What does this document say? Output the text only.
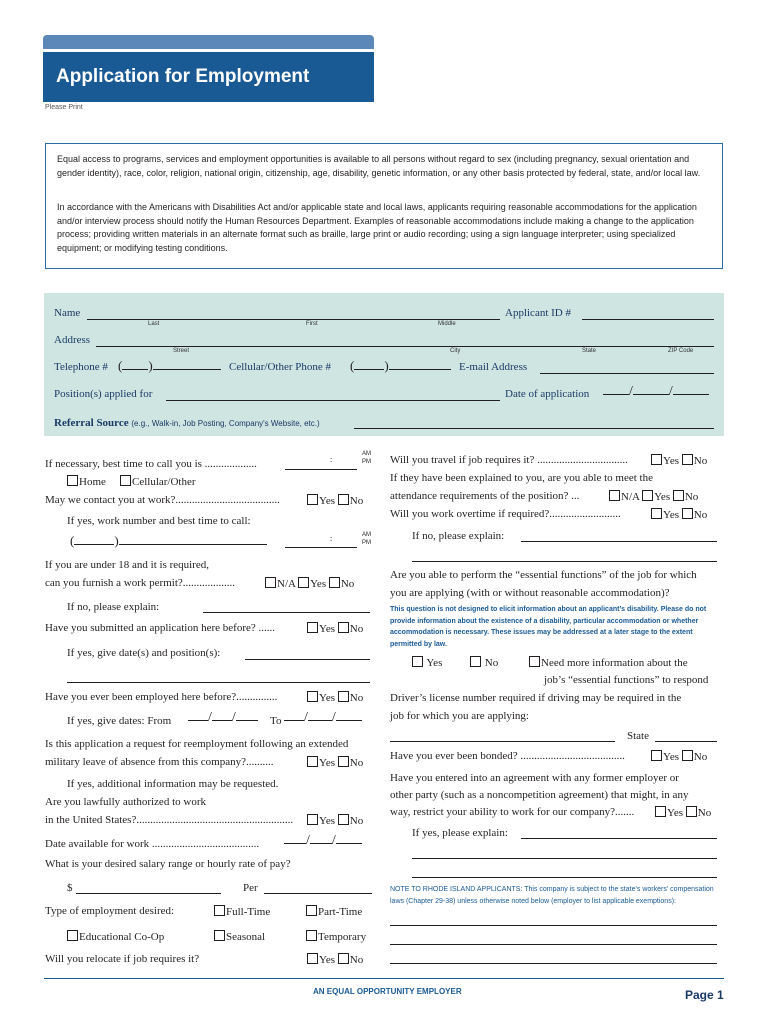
Application for Employment
Please Print
Equal access to programs, services and employment opportunities is available to all persons without regard to sex (including pregnancy, sexual orientation and gender identity), race, color, religion, national origin, citizenship, age, disability, genetic information, or any other basis protected by federal, state, and/or local law.
In accordance with the Americans with Disabilities Act and/or applicable state and local laws, applicants requiring reasonable accommodations for the application and/or interview process should notify the Human Resources Department. Examples of reasonable accommodations include making a change to the application process; providing written materials in an alternate format such as braille, large print or audio recording; using a sign language interpreter; using specialized equipment; or modifying testing conditions.
Name	Applicant ID #
Last	First	Middle
Address
Street	City	State	ZIP Code
Telephone # ( )	Cellular/Other Phone # ( )	E-mail Address
Position(s) applied for	Date of application	/	/
Referral Source (e.g., Walk-in, Job Posting, Company's Website, etc.)
If necessary, best time to call you is ...................	:
AM
PM
Home	Cellular/Other
May we contact you at work?......................................	Yes No
If yes, work number and best time to call:
(	)	:	AM
PM
If you are under 18 and it is required,
can you furnish a work permit?...................	N/A Yes No
If no, please explain:
Have you submitted an application here before? ......	Yes No
If yes, give date(s) and position(s):
Have you ever been employed here before?...............	Yes No
If yes, give dates: From	/ /	To	/ /
Is this application a request for reemployment following an extended
military leave of absence from this company?..........	Yes No
If yes, additional information may be requested.
Are you lawfully authorized to work
in the United States?.........................................................	Yes No
Date available for work .......................................	/ /
What is your desired salary range or hourly rate of pay?
$	Per
Type of employment desired:	Full-Time	Part-Time
Educational Co-Op	Seasonal	Temporary
Will you relocate if job requires it?	Yes No
Will you travel if job requires it? .................................	Yes No
If they have been explained to you, are you able to meet the
attendance requirements of the position? ...	N/A Yes No
Will you work overtime if required?..........................	Yes No
If no, please explain:
Are you able to perform the “essential functions” of the job for which
you are applying (with or without reasonable accommodation)?
This question is not designed to elicit information about an applicant’s disability. Please do not provide information about the existence of a disability, particular accommodation or whether accommodation is necessary. These issues may be addressed at a later stage to the extent permitted by law.
Yes	No	Need more information about the
job’s “essential functions” to respond
Driver’s license number required if driving may be required in the
job for which you are applying:
State
Have you ever been bonded? ......................................	Yes No
Have you entered into an agreement with any former employer or
other party (such as a noncompetition agreement) that might, in any
way, restrict your ability to work for our company?.......	Yes No
If yes, please explain:
NOTE TO RHODE ISLAND APPLICANTS: This company is subject to the state’s workers’ compensation laws (Chapter 29-38) unless otherwise noted below (employer to list applicable exemptions):
AN EQUAL OPPORTUNITY EMPLOYER	Page 1
